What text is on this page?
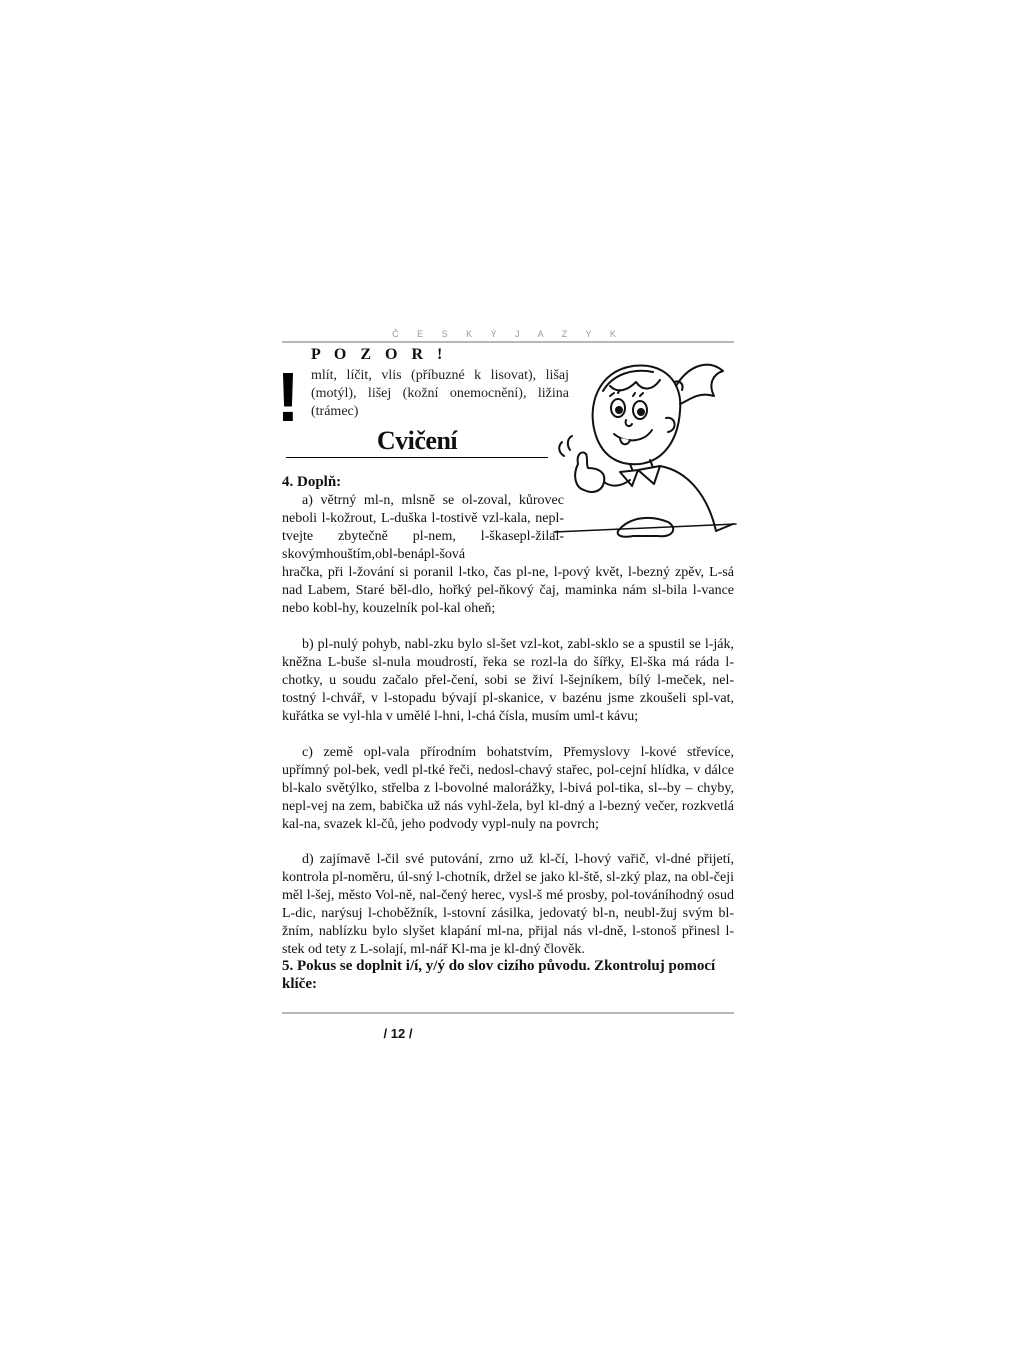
Č E S K Ý J A Z Y K
!
P O Z O R !
mlít, líčit, vlis (příbuzné k lisovat), lišaj (motýl), lišej (kožní onemocnění), ližina (trámec)
Cvičení
4. Doplň:
a) větrný ml-n, mlsně se ol-zoval, kůrovec neboli l-kožrout, L-duška l-tostivě vzl-kala, nepl-tvejte zbytečně pl-nem, l-škasepl-žilal-skovýmhouštím,obl-benápl-šová
hračka, při l-žování si poranil l-tko, čas pl-ne, l-pový květ, l-bezný zpěv, L-sá nad Labem, Staré běl-dlo, hořký pel-ňkový čaj, maminka nám sl-bila l-vance nebo kobl-hy, kouzelník pol-kal oheň;
b) pl-nulý pohyb, nabl-zku bylo sl-šet vzl-kot, zabl-sklo se a spustil se l-ják, kněžna L-buše sl-nula moudrostí, řeka se rozl-la do šířky, El-ška má ráda l-chotky, u soudu začalo přel-čení, sobi se živí l-šejníkem, bílý l-meček, nel-tostný l-chvář, v l-stopadu bývají pl-skanice, v bazénu jsme zkoušeli spl-vat, kuřátka se vyl-hla v umělé l-hni, l-chá čísla, musím uml-t kávu;
c) země opl-vala přírodním bohatstvím, Přemyslovy l-kové střevíce, upřímný pol-bek, vedl pl-tké řeči, nedosl-chavý stařec, pol-cejní hlídka, v dálce bl-kalo světýlko, střelba z l-bovolné malorážky, l-bivá pol-tika, sl--by – chyby, nepl-vej na zem, babička už nás vyhl-žela, byl kl-dný a l-bezný večer, rozkvetlá kal-na, svazek kl-čů, jeho podvody vypl-nuly na povrch;
d) zajímavě l-čil své putování, zrno už kl-čí, l-hový vařič, vl-dné přijetí, kontrola pl-noměru, úl-sný l-chotník, držel se jako kl-ště, sl-zký plaz, na obl-čeji měl l-šej, město Vol-ně, nal-čený herec, vysl-š mé prosby, pol-továníhodný osud L-dic, narýsuj l-choběžník, l-stovní zásilka, jedovatý bl-n, neubl-žuj svým bl-žním, nablízku bylo slyšet klapání ml-na, přijal nás vl-dně, l-stonoš přinesl l-stek od tety z L-solají, ml-nář Kl-ma je kl-dný člověk.
5. Pokus se doplnit i/í, y/ý do slov cizího původu. Zkontroluj pomocí klíče:
/ 12 /
